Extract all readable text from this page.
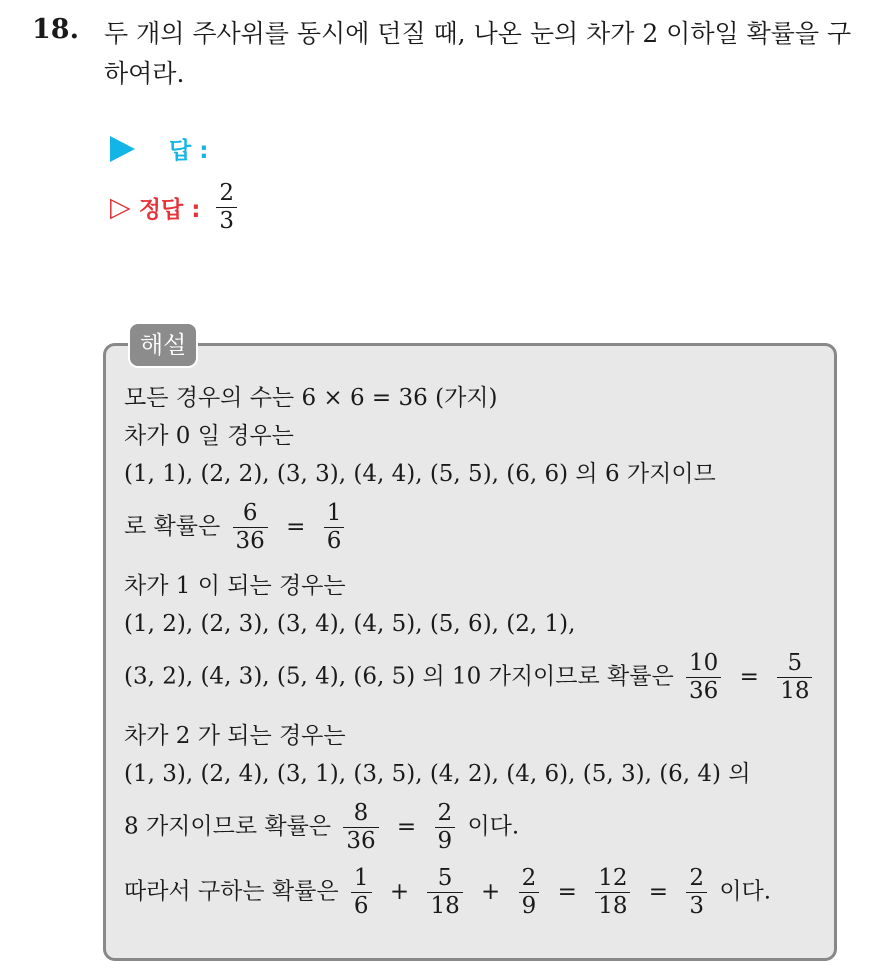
18. 두 개의 주사위를 동시에 던질 때, 나온 눈의 차가 2 이하일 확률을 구하여라.
답 :
▷ 정답 : $\frac{2}{3}$
해설
모든 경우의 수는 6 × 6 = 36 (가지)
차가 0 일 경우는
(1, 1), (2, 2), (3, 3), (4, 4), (5, 5), (6, 6) 의 6 가지이므
로 확률은 $\frac{6}{36} = \frac{1}{6}$
차가 1 이 되는 경우는
(1, 2), (2, 3), (3, 4), (4, 5), (5, 6), (2, 1),
(3, 2), (4, 3), (5, 4), (6, 5) 의 10 가지이므로 확률은 $\frac{10}{36} = \frac{5}{18}$
차가 2 가 되는 경우는
(1, 3), (2, 4), (3, 1), (3, 5), (4, 2), (4, 6), (5, 3), (6, 4) 의
8 가지이므로 확률은 $\frac{8}{36} = \frac{2}{9}$ 이다.
따라서 구하는 확률은 $\frac{1}{6} + \frac{5}{18} + \frac{2}{9} = \frac{12}{18} = \frac{2}{3}$ 이다.
